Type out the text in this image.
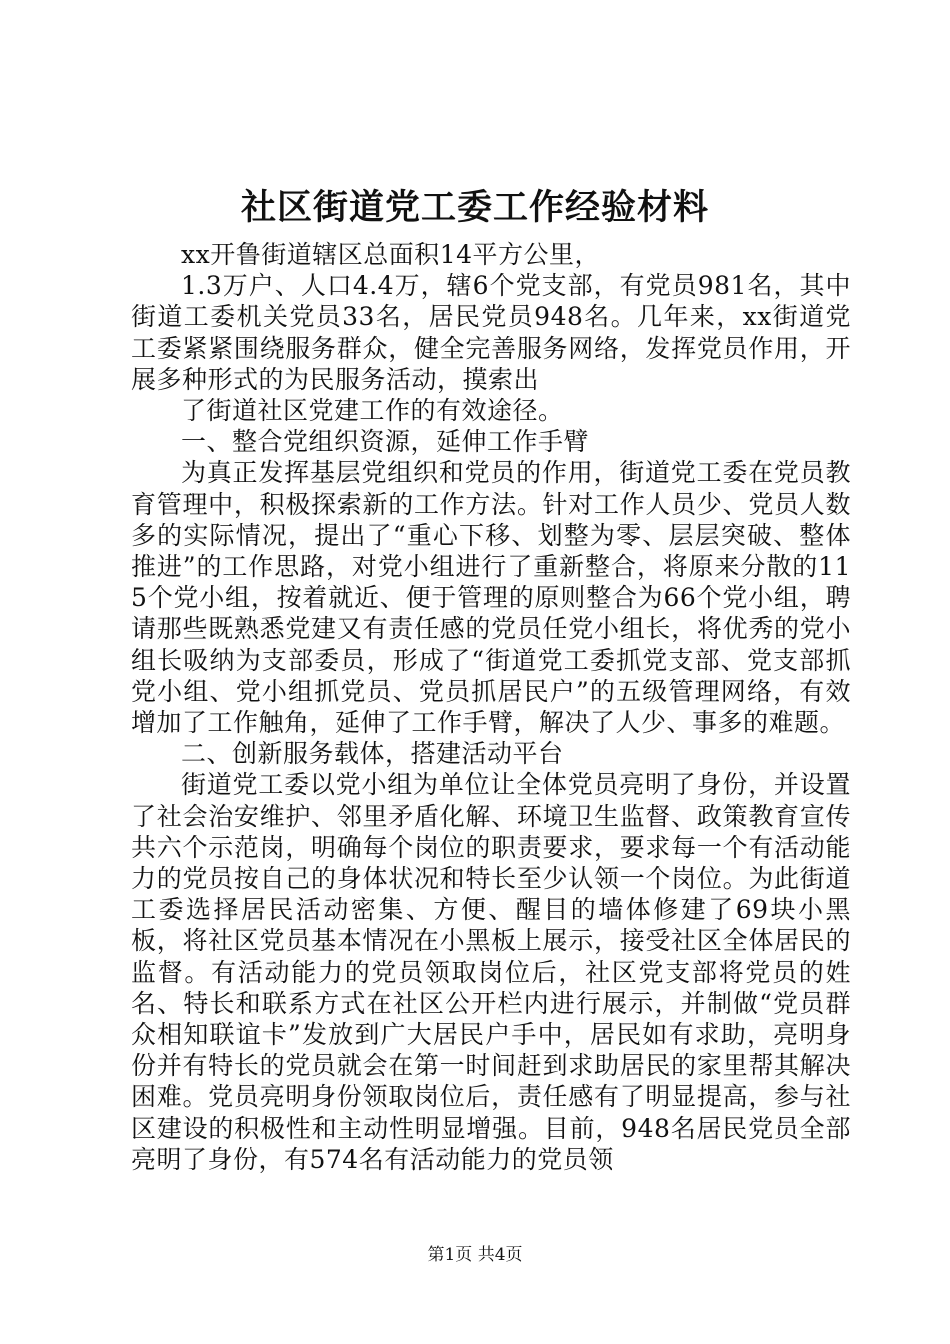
社区街道党工委工作经验材料

xx开鲁街道辖区总面积14平方公里，

1.3万户、人口4.4万，辖6个党支部，有党员981名，其中街道工委机关党员33名，居民党员948名。几年来，xx街道党工委紧紧围绕服务群众，健全完善服务网络，发挥党员作用，开展多种形式的为民服务活动，摸索出

了街道社区党建工作的有效途径。

一、整合党组织资源，延伸工作手臂

为真正发挥基层党组织和党员的作用，街道党工委在党员教育管理中，积极探索新的工作方法。针对工作人员少、党员人数多的实际情况，提出了“重心下移、划整为零、层层突破、整体推进”的工作思路，对党小组进行了重新整合，将原来分散的115个党小组，按着就近、便于管理的原则整合为66个党小组，聘请那些既熟悉党建又有责任感的党员任党小组长，将优秀的党小组长吸纳为支部委员，形成了“街道党工委抓党支部、党支部抓党小组、党小组抓党员、党员抓居民户”的五级管理网络，有效增加了工作触角，延伸了工作手臂，解决了人少、事多的难题。

二、创新服务载体，搭建活动平台

街道党工委以党小组为单位让全体党员亮明了身份，并设置了社会治安维护、邻里矛盾化解、环境卫生监督、政策教育宣传共六个示范岗，明确每个岗位的职责要求，要求每一个有活动能力的党员按自己的身体状况和特长至少认领一个岗位。为此街道工委选择居民活动密集、方便、醒目的墙体修建了69块小黑板，将社区党员基本情况在小黑板上展示，接受社区全体居民的监督。有活动能力的党员领取岗位后，社区党支部将党员的姓名、特长和联系方式在社区公开栏内进行展示，并制做“党员群众相知联谊卡”发放到广大居民户手中，居民如有求助，亮明身份并有特长的党员就会在第一时间赶到求助居民的家里帮其解决困难。党员亮明身份领取岗位后，责任感有了明显提高，参与社区建设的积极性和主动性明显增强。目前，948名居民党员全部亮明了身份，有574名有活动能力的党员领

第1页 共4页
